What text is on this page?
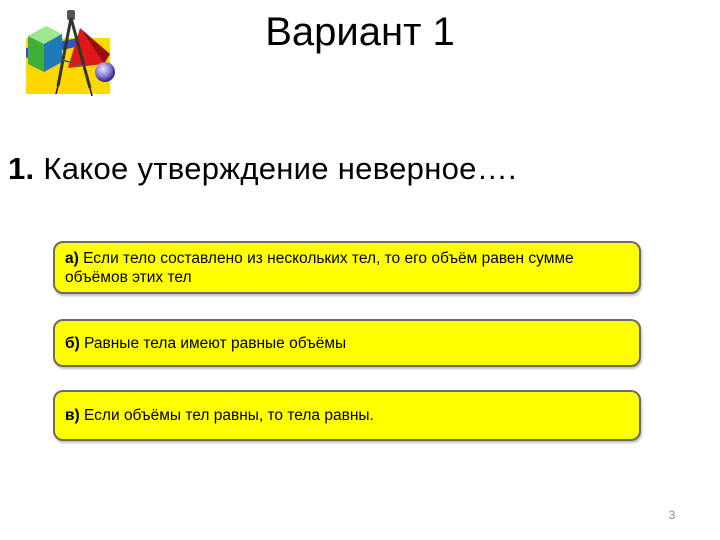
Вариант 1
1. Какое утверждение неверное….
а) Если тело составлено из нескольких тел, то его объём равен сумме объёмов этих тел
б) Равные тела имеют равные объёмы
в) Если объёмы тел равны, то тела равны.
3
